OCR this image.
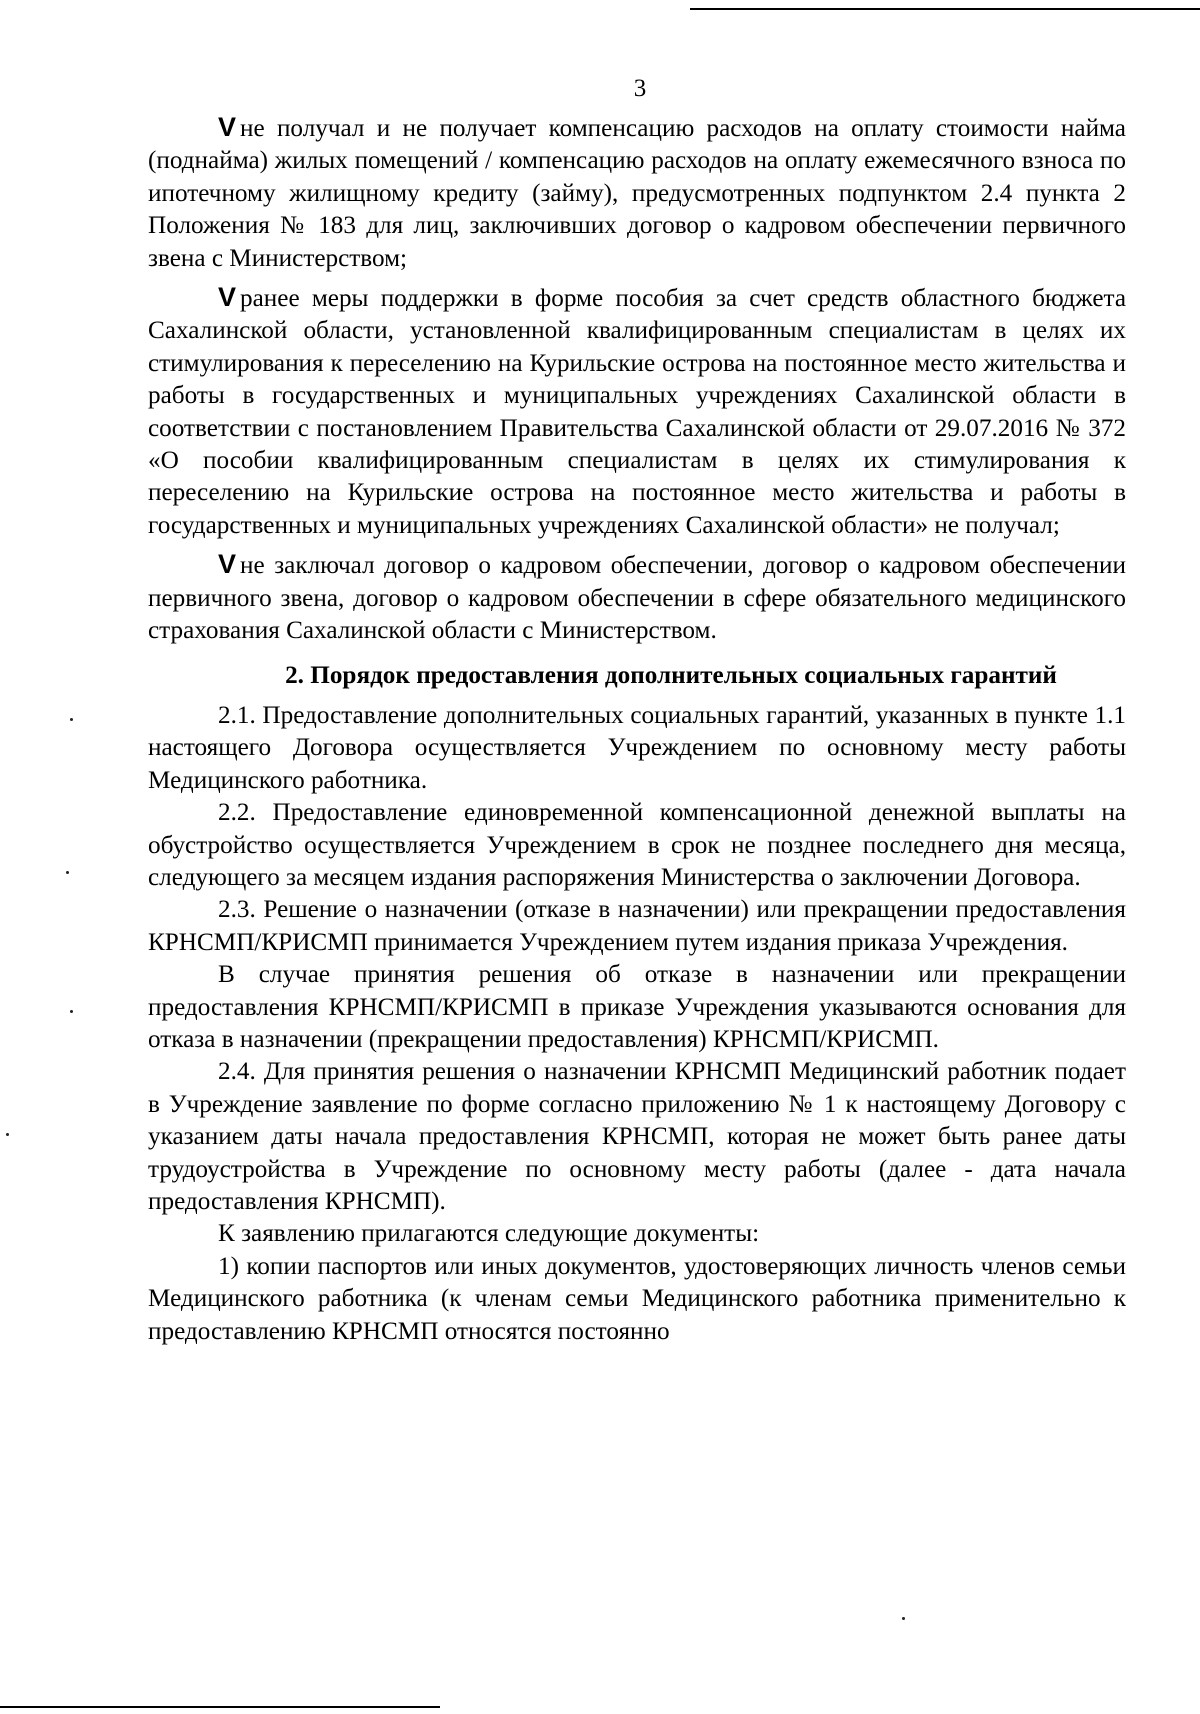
3

V не получал и не получает компенсацию расходов на оплату стоимости найма (поднайма) жилых помещений / компенсацию расходов на оплату ежемесячного взноса по ипотечному жилищному кредиту (займу), предусмотренных подпунктом 2.4 пункта 2 Положения № 183 для лиц, заключивших договор о кадровом обеспечении первичного звена с Министерством;

V ранее меры поддержки в форме пособия за счет средств областного бюджета Сахалинской области, установленной квалифицированным специалистам в целях их стимулирования к переселению на Курильские острова на постоянное место жительства и работы в государственных и муниципальных учреждениях Сахалинской области в соответствии с постановлением Правительства Сахалинской области от 29.07.2016 № 372 «О пособии квалифицированным специалистам в целях их стимулирования к переселению на Курильские острова на постоянное место жительства и работы в государственных и муниципальных учреждениях Сахалинской области» не получал;

V не заключал договор о кадровом обеспечении, договор о кадровом обеспечении первичного звена, договор о кадровом обеспечении в сфере обязательного медицинского страхования Сахалинской области с Министерством.

2. Порядок предоставления дополнительных социальных гарантий

2.1. Предоставление дополнительных социальных гарантий, указанных в пункте 1.1 настоящего Договора осуществляется Учреждением по основному месту работы Медицинского работника.

2.2. Предоставление единовременной компенсационной денежной выплаты на обустройство осуществляется Учреждением в срок не позднее последнего дня месяца, следующего за месяцем издания распоряжения Министерства о заключении Договора.

2.3. Решение о назначении (отказе в назначении) или прекращении предоставления КРНСМП/КРИСМП принимается Учреждением путем издания приказа Учреждения.

В случае принятия решения об отказе в назначении или прекращении предоставления КРНСМП/КРИСМП в приказе Учреждения указываются основания для отказа в назначении (прекращении предоставления) КРНСМП/КРИСМП.

2.4. Для принятия решения о назначении КРНСМП Медицинский работник подает в Учреждение заявление по форме согласно приложению № 1 к настоящему Договору с указанием даты начала предоставления КРНСМП, которая не может быть ранее даты трудоустройства в Учреждение по основному месту работы (далее - дата начала предоставления КРНСМП).

К заявлению прилагаются следующие документы:

1) копии паспортов или иных документов, удостоверяющих личность членов семьи Медицинского работника (к членам семьи Медицинского работника применительно к предоставлению КРНСМП относятся постоянно
